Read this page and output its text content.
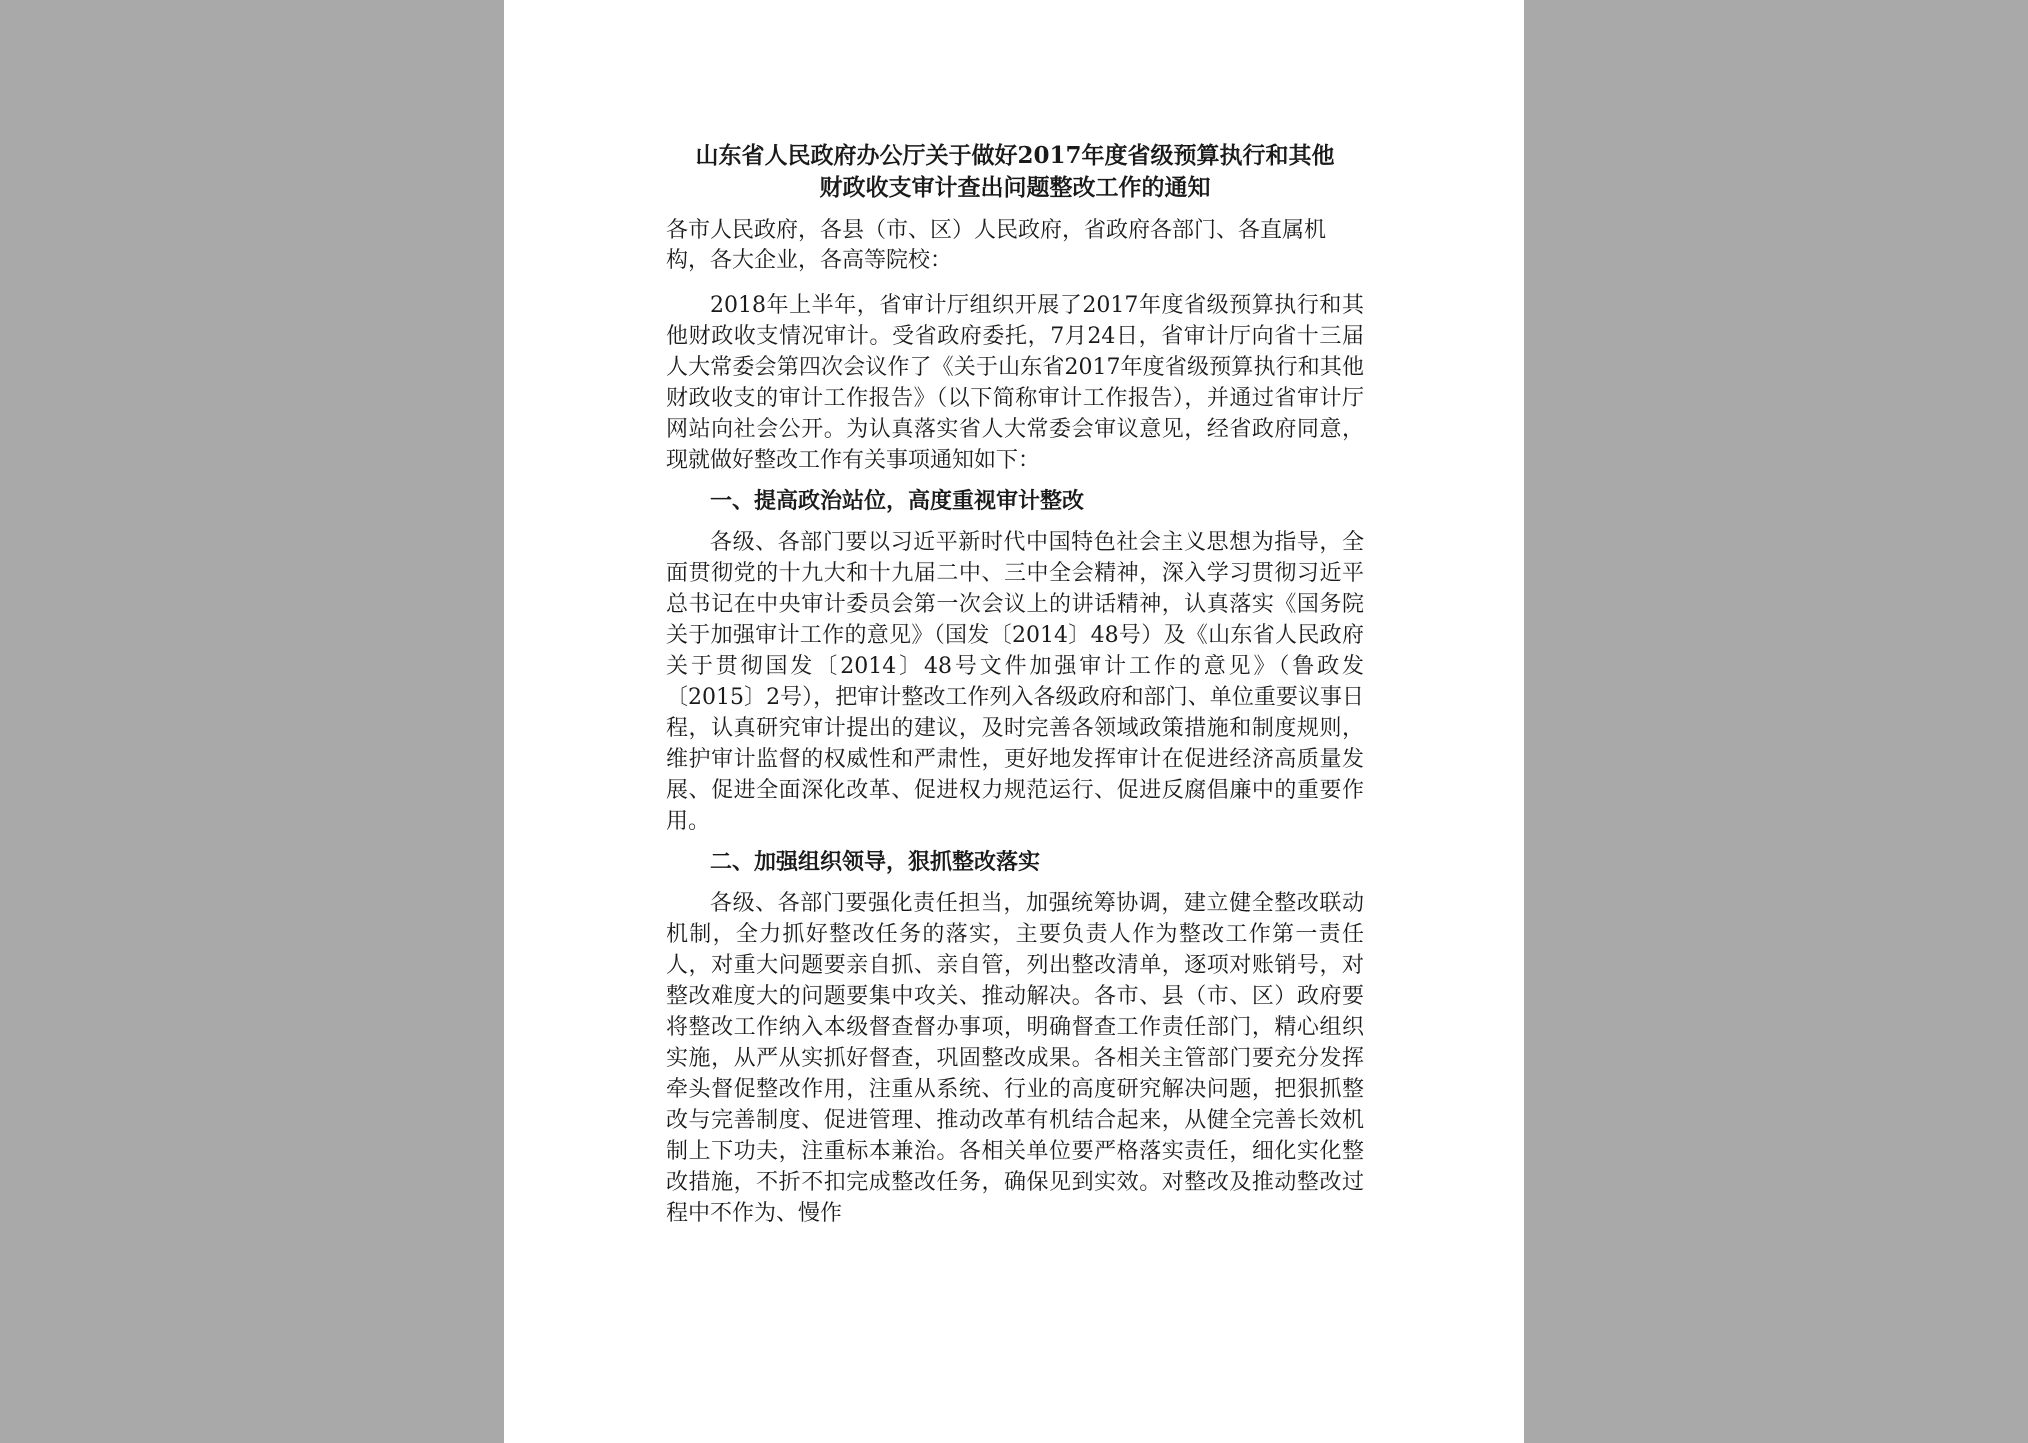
山东省人民政府办公厅关于做好2017年度省级预算执行和其他
财政收支审计查出问题整改工作的通知

各市人民政府，各县（市、区）人民政府，省政府各部门、各直属机构，各大企业，各高等院校：

2018年上半年，省审计厅组织开展了2017年度省级预算执行和其他财政收支情况审计。受省政府委托，7月24日，省审计厅向省十三届人大常委会第四次会议作了《关于山东省2017年度省级预算执行和其他财政收支的审计工作报告》（以下简称审计工作报告），并通过省审计厅网站向社会公开。为认真落实省人大常委会审议意见，经省政府同意，现就做好整改工作有关事项通知如下：

一、提高政治站位，高度重视审计整改

各级、各部门要以习近平新时代中国特色社会主义思想为指导，全面贯彻党的十九大和十九届二中、三中全会精神，深入学习贯彻习近平总书记在中央审计委员会第一次会议上的讲话精神，认真落实《国务院关于加强审计工作的意见》（国发〔2014〕48号）及《山东省人民政府关于贯彻国发〔2014〕48号文件加强审计工作的意见》（鲁政发〔2015〕2号），把审计整改工作列入各级政府和部门、单位重要议事日程，认真研究审计提出的建议，及时完善各领域政策措施和制度规则，维护审计监督的权威性和严肃性，更好地发挥审计在促进经济高质量发展、促进全面深化改革、促进权力规范运行、促进反腐倡廉中的重要作用。

二、加强组织领导，狠抓整改落实

各级、各部门要强化责任担当，加强统筹协调，建立健全整改联动机制，全力抓好整改任务的落实，主要负责人作为整改工作第一责任人，对重大问题要亲自抓、亲自管，列出整改清单，逐项对账销号，对整改难度大的问题要集中攻关、推动解决。各市、县（市、区）政府要将整改工作纳入本级督查督办事项，明确督查工作责任部门，精心组织实施，从严从实抓好督查，巩固整改成果。各相关主管部门要充分发挥牵头督促整改作用，注重从系统、行业的高度研究解决问题，把狠抓整改与完善制度、促进管理、推动改革有机结合起来，从健全完善长效机制上下功夫，注重标本兼治。各相关单位要严格落实责任，细化实化整改措施，不折不扣完成整改任务，确保见到实效。对整改及推动整改过程中不作为、慢作
